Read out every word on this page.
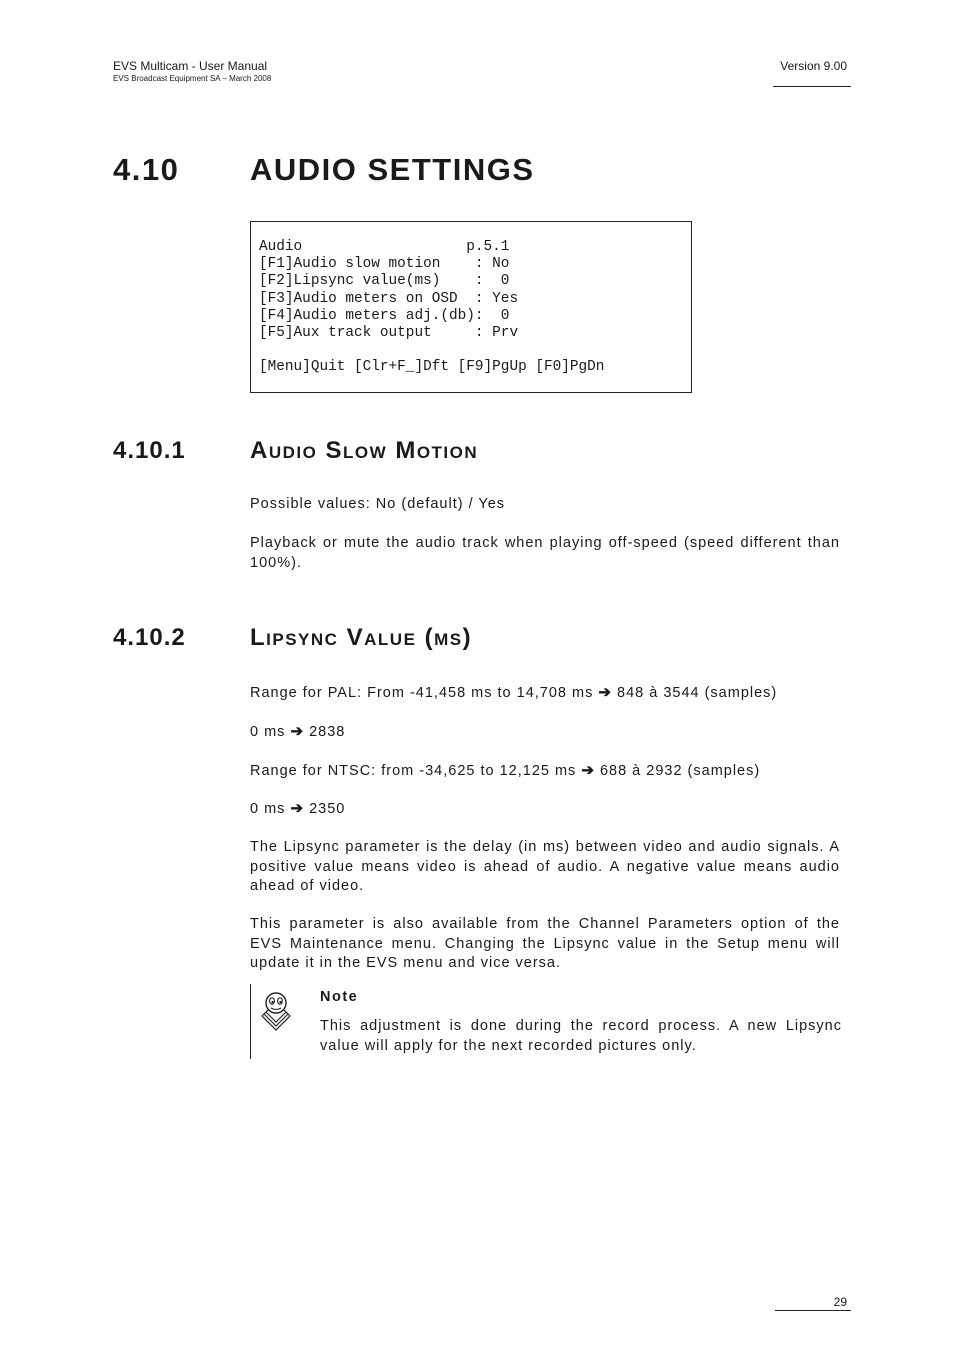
EVS Multicam - User Manual
EVS Broadcast Equipment SA – March 2008
Version 9.00
4.10 AUDIO SETTINGS
Audio                   p.5.1
[F1]Audio slow motion    : No
[F2]Lipsync value(ms)    :  0
[F3]Audio meters on OSD  : Yes
[F4]Audio meters adj.(db):  0
[F5]Aux track output     : Prv

[Menu]Quit [Clr+F_]Dft [F9]PgUp [F0]PgDn
4.10.1	Audio Slow Motion
Possible values: No (default) / Yes
Playback or mute the audio track when playing off-speed (speed different than 100%).
4.10.2	Lipsync Value (ms)
Range for PAL: From -41,458 ms to 14,708 ms ➔ 848 à 3544 (samples)
0 ms ➔ 2838
Range for NTSC: from -34,625 to 12,125 ms ➔ 688 à 2932 (samples)
0 ms ➔ 2350
The Lipsync parameter is the delay (in ms) between video and audio signals. A positive value means video is ahead of audio. A negative value means audio ahead of video.
This parameter is also available from the Channel Parameters option of the EVS Maintenance menu. Changing the Lipsync value in the Setup menu will update it in the EVS menu and vice versa.
Note
This adjustment is done during the record process. A new Lipsync value will apply for the next recorded pictures only.
29
